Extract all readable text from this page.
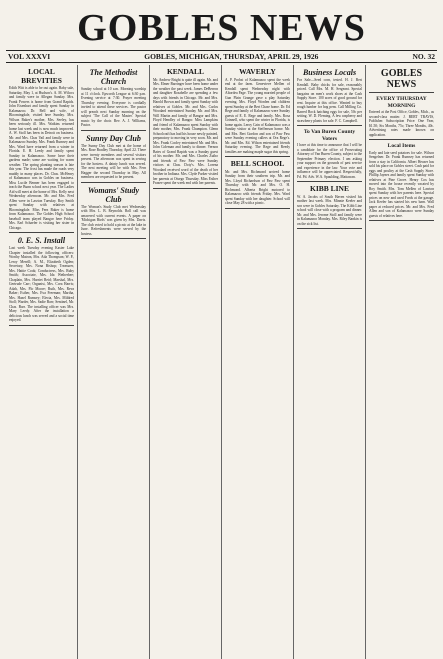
GOBLES NEWS
VOL XXXVI	GOBLES, MICHIGAN, THURSDAY, APRIL 29, 1926	NO. 32
LOCAL BREVITIES

Edith Witt is able to be out again. Baby sale, Saturday, May 1, at Hudson's. A. M. Wilcox and family were in Allegan Sunday. Mrs. Frank Powers is home from Grand Rapids. John Eisenhart and family spent Sunday in Kalamazoo. Dr. Bell and wife, of Bloomingdale, visited here Sunday. Mrs. Wilson Baker's mother, Mrs. Seeley, has been seriously ill. Mrs. Watkins returned home last week and is now much improved. A. W. Stoll has been in Detroit on business. Mr. and Mrs. Chas Vail and family were in Kalamazoo Sunday. Mrs. Frank Rumsey and Mrs. Ward have returned from a winter in Florida. E. H. Leedy and family spent Sunday in Kalamazoo. Some have their gardens made; some are waiting for warm weather. The spring planting season is late this year. The frost has made the roads very muddy in many places. Dr. Chas. McHenry of Kalamazoo was in Gobles on business. Miss Lucile Benner has been engaged to teach the Bunn school next year. The Ladies Aid will meet at the home of Mrs. Kelly next Wednesday afternoon. Mr. and Mrs. Fred Allen were in Lawton Tuesday. Roy Smith spent Sunday with relatives at Bloomingdale. Miss Fern Baker is home from Kalamazoo. The Gobles High School baseball team played Bangor here Friday. Mrs. Earl Schaefer is visiting her sister in Chicago.

0. E. S. Install

Last week Tuesday evening Kaster Lake Chapter installed the following officers: Worthy Matron, Mrs. Ada Thompson; W. P., Leroy Merrill; A. M., Elizabeth Ogden; Secretary, Mrs. Nona Bishop; Treasurer, Mrs. Hattie Cook; Conductress, Mrs. Ruby Smith; Associate, Mrs. Ida Wetherbee; Chaplain, Mrs. Harriet Reid; Marshal, Mrs. Gertrude Carr; Organist, Mrs. Cora Harris; Adah, Mrs. Flo Moore; Ruth, Mrs. Reva Baker; Esther, Mrs. Eva Freeman; Martha, Mrs. Hazel Rumsey; Electa, Mrs. Mildred Stoll; Warder, Mrs. Sadie Barr; Sentinel, Mr. Chas. Barr. The installing officer was Mrs. Mary Leedy. After the installation a delicious lunch was served and a social time enjoyed.

The Methodist Church

Sunday school at 10 a.m. Morning worship at 11 o'clock. Epworth League at 6:30 p.m. Evening service at 7:30. Prayer meeting Thursday evening. Everyone is cordially invited to attend these services. The pastor will preach next Sunday morning on the subject 'The Call of the Master.' Special music by the choir. Rev. A. J. Williams, Pastor.

Sunny Day Club

The Sunny Day Club met at the home of Mrs. Rose Bradley Thursday, April 22. There were twenty members and several visitors present. The afternoon was spent in sewing for the hostess. A dainty lunch was served. The next meeting will be with Mrs. Fern Hagger the second Thursday in May. All members are requested to be present.

Womans' Study Club

The Woman's Study Club met Wednesday with Mrs. L. B. Reynolds. Roll call was answered with current events. A paper on 'Michigan Birds' was given by Mrs. Davis. The club voted to hold a picnic at the lake in June. Refreshments were served by the hostess.

KENDALL

Mr. Andrew Bright is quite ill again. Mr. and Mrs. Elmer Barringer have been home under the weather the past week. James DeBerron and daughter Rosabelle are spending a few days with friends in Chicago. Mr. and Mrs. Harold Brown and family spent Sunday with relatives at Gobles. Mr. and Mrs. Carlos Woodard entertained Sunday Mr. and Mrs. Will Martin and family of Bangor and Mrs. Floyd Hendley of Bangor. Miss Lampkins and friend of Kalamazoo spent Sunday with their mother, Mrs. Frank Champion. Glenn Schoolcraft has had his house newly painted, preparatory to moving in very soon. Mr. and Mrs. Frank Cooley entertained Mr. and Mrs. John Coleman and family to dinner. Vernon Bates of Grand Rapids was a Sunday guest of his mother. Mr. and Mrs. Charles Zuibo and friends of Paw Paw were Sunday visitors at Chas. Doty's. Mrs. Lorena Woodard received word of the death of her brother in Indiana. Mrs. Clyde Parker visited her parents at Otsego Thursday. Miss Esther Frazee spent the week end with her parents.

WAVERLY

A. P. Probst of Kalamazoo spent the week end at the farm. Genevieve Mellen of Kendall spent Wednesday night with Altordea Page. The young married people of Gun Plain Grange gave a play Saturday evening. Mrs. Floyd Worden and children spent Sunday at the Bert Chase home. Dr. Ed Rege and family of Kalamazoo were Sunday guests of E. E. Rege and family. Mrs. Rosa Grinnell, who spent the winter in Florida, is home again. Leroy Cain of Kalamazoo was a Sunday visitor at the Steffenson home. Mr. and Mrs. Bert Gordon and son of Paw Paw were Sunday evening callers at Ora Rege's. Mr. and Mrs. Ed. Wilson entertained friends Saturday evening. The Rege and Reedy families are making maple sugar this spring.

BELL SCHOOL

Mr. and Mrs. Richmond arrived home Sunday from their southern trip. Mr. and Mrs. Lloyd Richardson of Paw Paw spent Thursday with Mr. and Mrs. O. H. Richmond. Alberta Bright motored to Kalamazoo with friends Friday. Mrs. Ward spent Sunday with her daughter. School will close May 28 with a picnic.

Business Locals

For Sale—Seed corn, tested. H. J. Bert Kendall. Baby chicks for sale, reasonably priced. Call Mrs. M. H. Sergeant. Special bargains on men's work shoes at the Cash Supply Store. 100 acres of good ground for rent. Inquire at this office. Wanted to buy rough lumber for hog pens. Call Milling Co. Barred Rock hatching eggs for sale, 50c per setting. W. D. Fleming. A few raspberry and strawberry plants for sale. F. C. Campbell.

To Van Buren County Voters

I have at this time to announce that I will be a candidate for the office of Prosecuting Attorney of Van Buren County, subject to the September Primary election. I am asking your support on the grounds of past service and experience in the law. Your vote and influence will be appreciated. Respectfully, Fd. Pd. Adv. W.A. Spaulding, Mattawan.

KIBB LINE

W. A. Jacobs of South Haven visited his mother last week. Mrs. Minnie Keeler and son were in Gobles Saturday. The Kibb Line school will close with a program and dinner. Mr. and Mrs. Jerome Stoll and family were in Kalamazoo Monday. Mrs. Riley Bankin is on the sick list.

GOBLES NEWS
EVERY THURSDAY MORNING

Entered at the Post Office, Gobles, Mich., as second-class matter. J. BERT TRAVIS, Publisher. Subscription Price: One Year, $1.50; Six Months, 75c; Three Months, 40c. Advertising rates made known on application.

Local Items

Early and late seed potatoes for sale. Wilson Sengelner. Dr. Frank Rumsey has returned from a stay in California. Albert Heuser has sold his place on Gobles street. Cash paid for eggs and poultry at the Cash Supply Store. Phillip Jaynes and family spent Sunday with relatives at Pine Grove. Henry Cox has moved into the house recently vacated by Roy Smith. Mrs. Tom Mellen of Lawton spent Sunday with her parents here. Special prices on new and used Fords at the garage. Jack Keeler has started his new barn. Wall paper at reduced prices. Mr. and Mrs. Fred Allen and son of Kalamazoo were Sunday guests of relatives here.
